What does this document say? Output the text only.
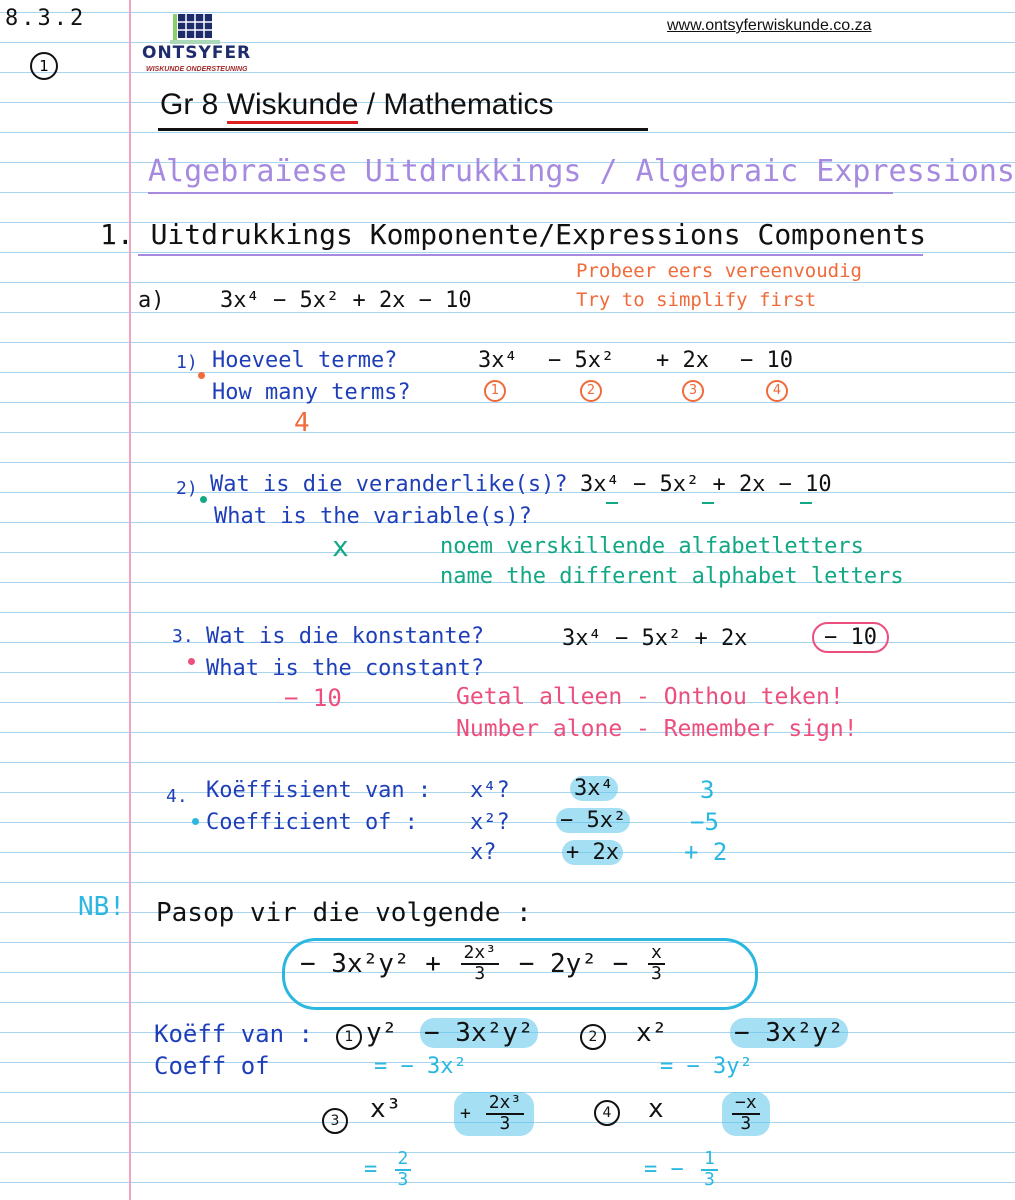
8.3.2
1
ONTSYFER
WISKUNDE ONDERSTEUNING
www.ontsyferwiskunde.co.za
Gr 8 Wiskunde / Mathematics
Algebraïese Uitdrukkings / Algebraic Expressions
1. Uitdrukkings Komponente/Expressions Components
Probeer eers vereenvoudig
Try to simplify first
a)	3x⁴ − 5x² + 2x − 10
1) Hoeveel terme?
How many terms?
4
3x⁴ − 5x² + 2x − 10
1	2	3	4
2) Wat is die veranderlike(s)?
What is the variable(s)?
3x⁴ − 5x² + 2x − 10
x	noem verskillende alfabetletters
name the different alphabet letters
3. Wat is die konstante?
What is the constant?
3x⁴ − 5x² + 2x	− 10
− 10	Getal alleen - Onthou teken!
Number alone - Remember sign!
4. Koëffisient van :
Coefficient of :
x⁴?	3x⁴	3
x²? − 5x²	−5
x?	+ 2x	+ 2
NB! Pasop vir die volgende :
− $3x^2y^2 + \frac{\text{2x³}}{3} - 2y^2 - \frac{x}{3}$
Koëff van :
Coeff of
1 y² − 3x²y²
= − 3x²
2	x²	− 3x²y²
= − 3y²
3	x³	+ $\frac{\text{2x³}}{3}$
= $\frac{2}{3}$
4	x	$\frac{-x}{3}$
= − $\frac{1}{3}$
